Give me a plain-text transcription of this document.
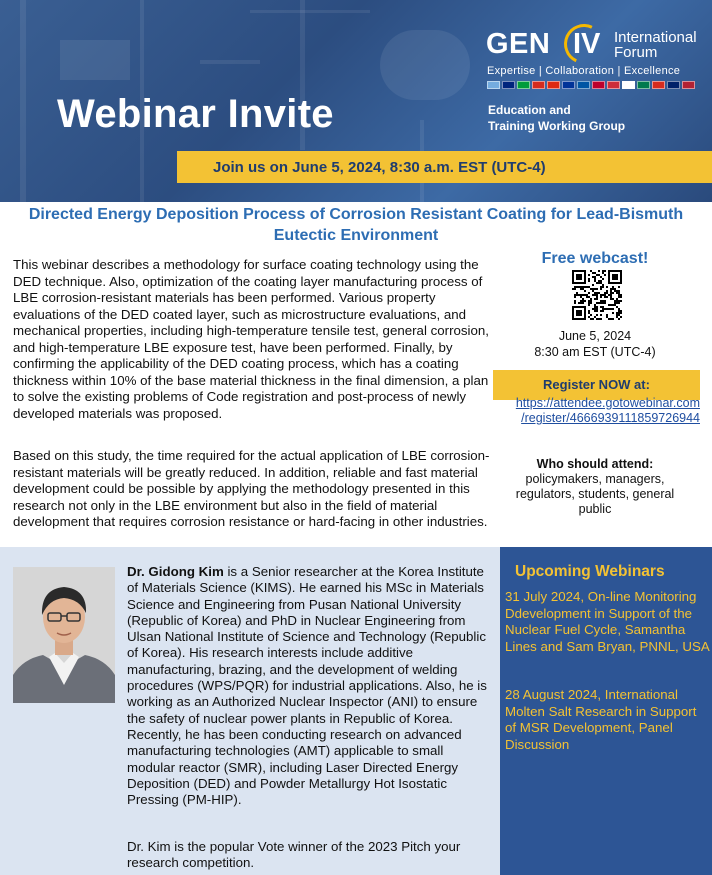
Webinar Invite
GEN IV International
Forum
Expertise | Collaboration | Excellence
Education and
Training Working Group
Join us on June 5, 2024, 8:30 a.m. EST (UTC-4)
Directed Energy Deposition Process of Corrosion Resistant Coating for Lead-Bismuth Eutectic Environment
This webinar describes a methodology for surface coating technology using the DED technique. Also, optimization of the coating layer manufacturing process of LBE corrosion-resistant materials has been performed. Various property evaluations of the DED coated layer, such as microstructure evaluations, and mechanical properties, including high-temperature tensile test, general corrosion, and high-temperature LBE exposure test, have been performed. Finally, by confirming the applicability of the DED coating process, which has a coating thickness within 10% of the base material thickness in the final dimension, a plan to solve the existing problems of Code registration and post-process of newly developed materials was proposed.
Based on this study, the time required for the actual application of LBE corrosion-resistant materials will be greatly reduced. In addition, reliable and fast material development could be possible by applying the methodology presented in this research not only in the LBE environment but also in the field of material development that requires corrosion resistance or hard-facing in other industries.
Free webcast!
June 5, 2024
8:30 am EST (UTC-4)
Register NOW at:
https://attendee.gotowebinar.com
/register/4666939111859726944
Who should attend:
policymakers, managers, regulators, students, general public
Dr. Gidong Kim is a Senior researcher at the Korea Institute of Materials Science (KIMS). He earned his MSc in Materials Science and Engineering from Pusan National University (Republic of Korea) and PhD in Nuclear Engineering from Ulsan National Institute of Science and Technology (Republic of Korea). His research interests include additive manufacturing, brazing, and the development of welding procedures (WPS/PQR) for industrial applications. Also, he is working as an Authorized Nuclear Inspector (ANI) to ensure the safety of nuclear power plants in Republic of Korea. Recently, he has been conducting research on advanced manufacturing technologies (AMT) applicable to small modular reactor (SMR), including Laser Directed Energy Deposition (DED) and Powder Metallurgy Hot Isostatic Pressing (PM-HIP).
Dr. Kim is the popular Vote winner of the 2023 Pitch your research competition.
Upcoming Webinars
31 July 2024, On-line Monitoring Ddevelopment in Support of the Nuclear Fuel Cycle, Samantha Lines and Sam Bryan, PNNL, USA
28 August 2024, International Molten Salt Research in Support of MSR Development, Panel Discussion
